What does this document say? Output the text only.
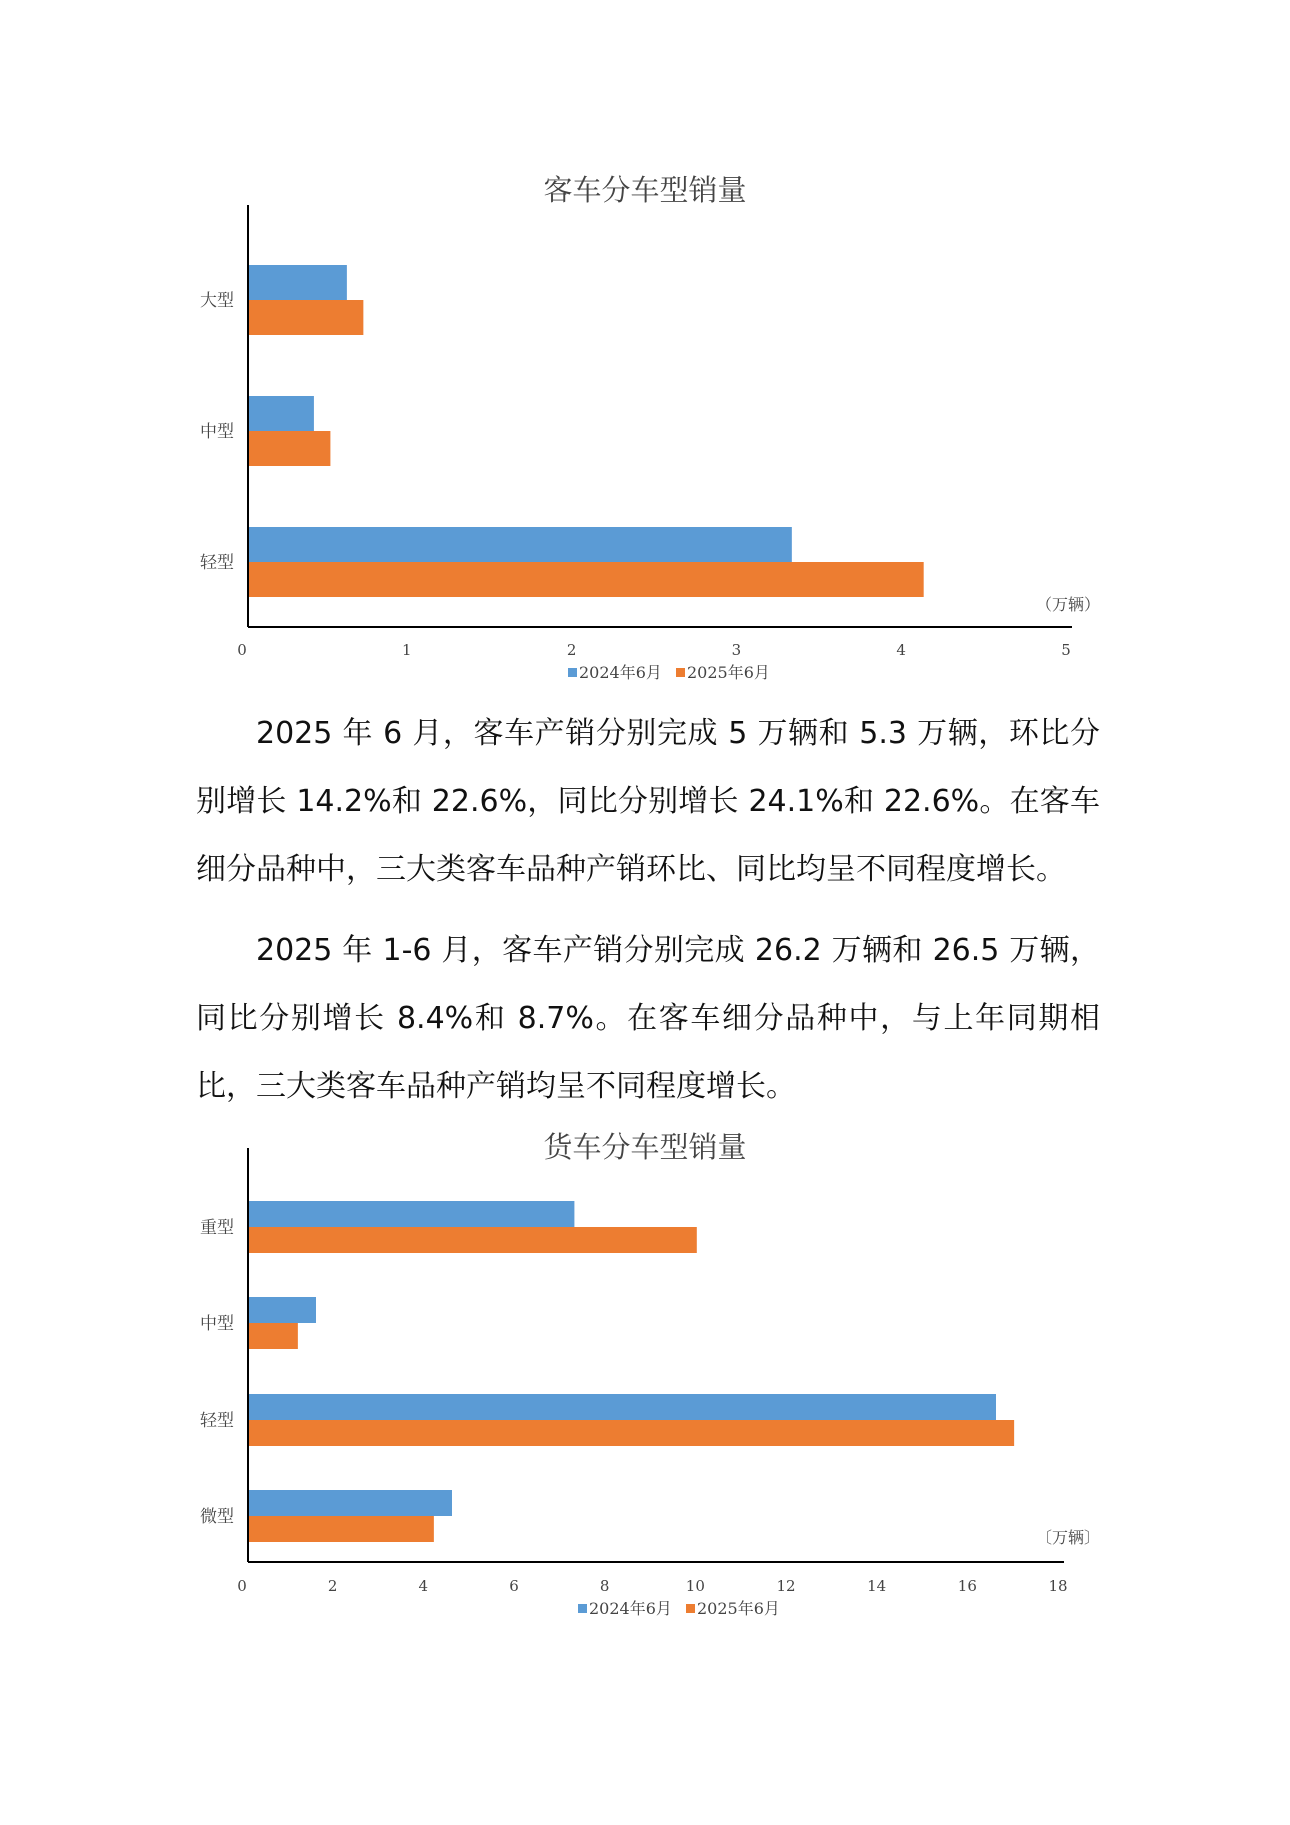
客车分车型销量
大型
中型
轻型
0	1	2	3	4	5
（万辆）
2024年6月 2025年6月

2025 年 6 月，客车产销分别完成 5 万辆和 5.3 万辆，环比分别增长 14.2%和 22.6%，同比分别增长 24.1%和 22.6%。在客车细分品种中，三大类客车品种产销环比、同比均呈不同程度增长。

2025 年 1-6 月，客车产销分别完成 26.2 万辆和 26.5 万辆，同比分别增长 8.4%和 8.7%。在客车细分品种中，与上年同期相比，三大类客车品种产销均呈不同程度增长。

货车分车型销量
重型
中型
轻型
微型
0	2	4	6	8	10	12	14	16	18
〔万辆〕
2024年6月 2025年6月
